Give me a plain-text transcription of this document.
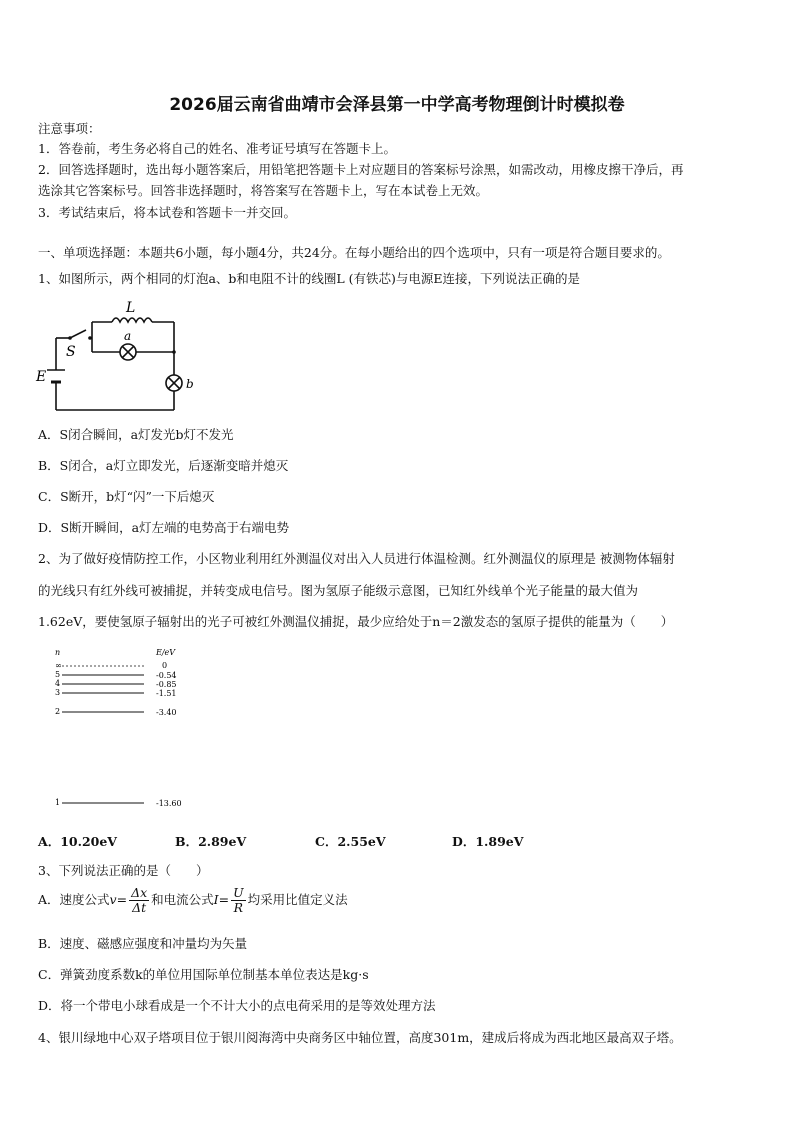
2026届云南省曲靖市会泽县第一中学高考物理倒计时模拟卷
注意事项：
1．答卷前，考生务必将自己的姓名、准考证号填写在答题卡上。
2．回答选择题时，选出每小题答案后，用铅笔把答题卡上对应题目的答案标号涂黑，如需改动，用橡皮擦干净后，再
选涂其它答案标号。回答非选择题时，将答案写在答题卡上，写在本试卷上无效。
3．考试结束后，将本试卷和答题卡一并交回。
一、单项选择题：本题共6小题，每小题4分，共24分。在每小题给出的四个选项中，只有一项是符合题目要求的。
1、如图所示，两个相同的灯泡a、b和电阻不计的线圈L (有铁芯)与电源E连接，下列说法正确的是
L
a
b
S
E
A．S闭合瞬间，a灯发光b灯不发光
B．S闭合，a灯立即发光，后逐渐变暗并熄灭
C．S断开，b灯“闪”一下后熄灭
D．S断开瞬间，a灯左端的电势高于右端电势
2、为了做好疫情防控工作，小区物业利用红外测温仪对出入人员进行体温检测。红外测温仪的原理是 被测物体辐射
的光线只有红外线可被捕捉，并转变成电信号。图为氢原子能级示意图，已知红外线单个光子能量的最大值为
1.62eV，要使氢原子辐射出的光子可被红外测温仪捕捉，最少应给处于n＝2激发态的氢原子提供的能量为（　　）
n	E/eV
∞	0
5	-0.54
4	-0.85
3	-1.51
2	-3.40
1	-13.60
A．10.20eV	B．2.89eV	C．2.55eV	D．1.89eV
3、下列说法正确的是（　　）
A．速度公式$v= \frac{\Delta x}{\Delta t}$ 和电流公式$I= \frac{U}{R}$ 均采用比值定义法
B．速度、磁感应强度和冲量均为矢量
C．弹簧劲度系数k的单位用国际单位制基本单位表达是kg·s
D．将一个带电小球看成是一个不计大小的点电荷采用的是等效处理方法
4、银川绿地中心双子塔项目位于银川阅海湾中央商务区中轴位置，高度301m，建成后将成为西北地区最高双子塔。
